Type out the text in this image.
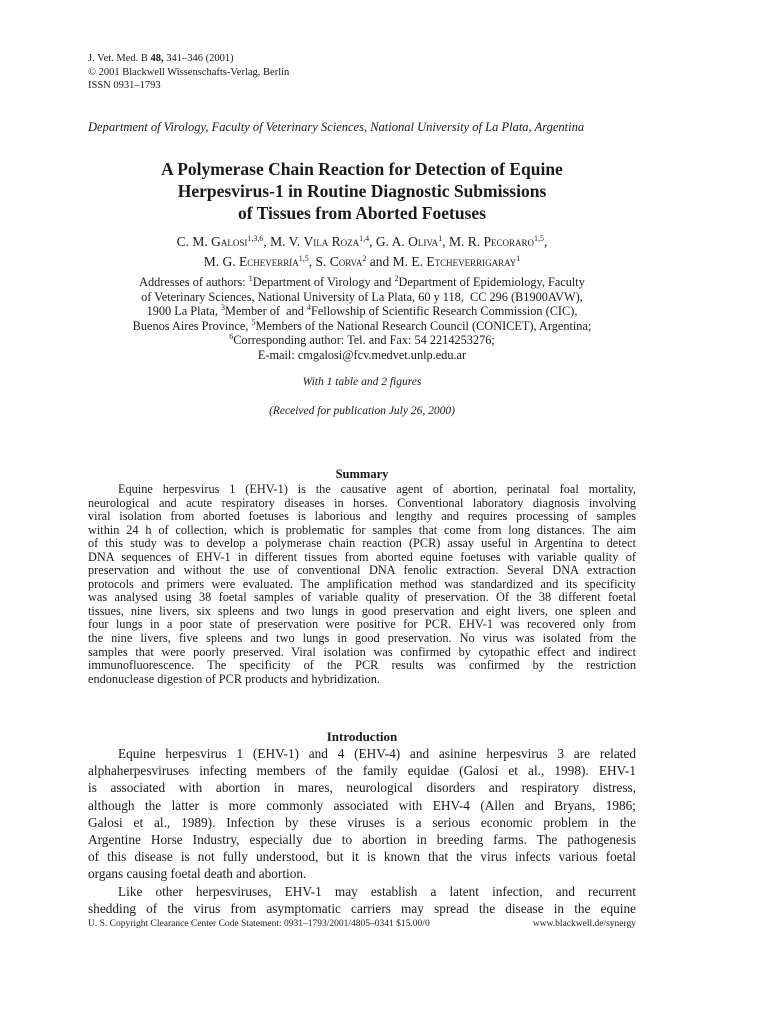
J. Vet. Med. B 48, 341–346 (2001)
© 2001 Blackwell Wissenschafts-Verlag, Berlin
ISSN 0931–1793
Department of Virology, Faculty of Veterinary Sciences, National University of La Plata, Argentina
A Polymerase Chain Reaction for Detection of Equine
Herpesvirus-1 in Routine Diagnostic Submissions
of Tissues from Aborted Foetuses
C. M. Galosi$^{1,3,6}$, M. V. Vila Roza$^{1,4}$, G. A. Oliva$^1$, M. R. Pecoraro$^{1,5}$,
M. G. Echeverría$^{1,5}$, S. Corva$^2$ and M. E. Etcheverrigaray$^1$
Addresses of authors: $^1$Department of Virology and $^2$Department of Epidemiology, Faculty
of Veterinary Sciences, National University of La Plata, 60 y 118,  CC 296 (B1900AVW),
1900 La Plata, $^3$Member of  and $^4$Fellowship of Scientific Research Commission (CIC),
Buenos Aires Province, $^5$Members of the National Research Council (CONICET), Argentina;
$^6$Corresponding author: Tel. and Fax: 54 2214253276;
E-mail: cmgalosi@fcv.medvet.unlp.edu.ar
With 1 table and 2 figures
(Received for publication July 26, 2000)
Summary
Equine herpesvirus 1 (EHV-1) is the causative agent of abortion, perinatal foal mortality,
neurological and acute respiratory diseases in horses. Conventional laboratory diagnosis involving
viral isolation from aborted foetuses is laborious and lengthy and requires processing of samples
within 24 h of collection, which is problematic for samples that come from long distances. The aim
of this study was to develop a polymerase chain reaction (PCR) assay useful in Argentina to detect
DNA sequences of EHV-1 in different tissues from aborted equine foetuses with variable quality of
preservation and without the use of conventional DNA fenolic extraction. Several DNA extraction
protocols and primers were evaluated. The amplification method was standardized and its specificity
was analysed using 38 foetal samples of variable quality of preservation. Of the 38 different foetal
tissues, nine livers, six spleens and two lungs in good preservation and eight livers, one spleen and
four lungs in a poor state of preservation were positive for PCR. EHV-1 was recovered only from
the nine livers, five spleens and two lungs in good preservation. No virus was isolated from the
samples that were poorly preserved. Viral isolation was confirmed by cytopathic effect and indirect
immunofluorescence. The specificity of the PCR results was confirmed by the restriction
endonuclease digestion of PCR products and hybridization.
Introduction
Equine herpesvirus 1 (EHV-1) and 4 (EHV-4) and asinine herpesvirus 3 are related
alphaherpesviruses infecting members of the family equidae (Galosi et al., 1998). EHV-1
is associated with abortion in mares, neurological disorders and respiratory distress,
although the latter is more commonly associated with EHV-4 (Allen and Bryans, 1986;
Galosi et al., 1989). Infection by these viruses is a serious economic problem in the
Argentine Horse Industry, especially due to abortion in breeding farms. The pathogenesis
of this disease is not fully understood, but it is known that the virus infects various foetal
organs causing foetal death and abortion.
Like other herpesviruses, EHV-1 may establish a latent infection, and recurrent
shedding of the virus from asymptomatic carriers may spread the disease in the equine
U. S. Copyright Clearance Center Code Statement: 0931–1793/2001/4805–0341 $15.00/0	www.blackwell.de/synergy
